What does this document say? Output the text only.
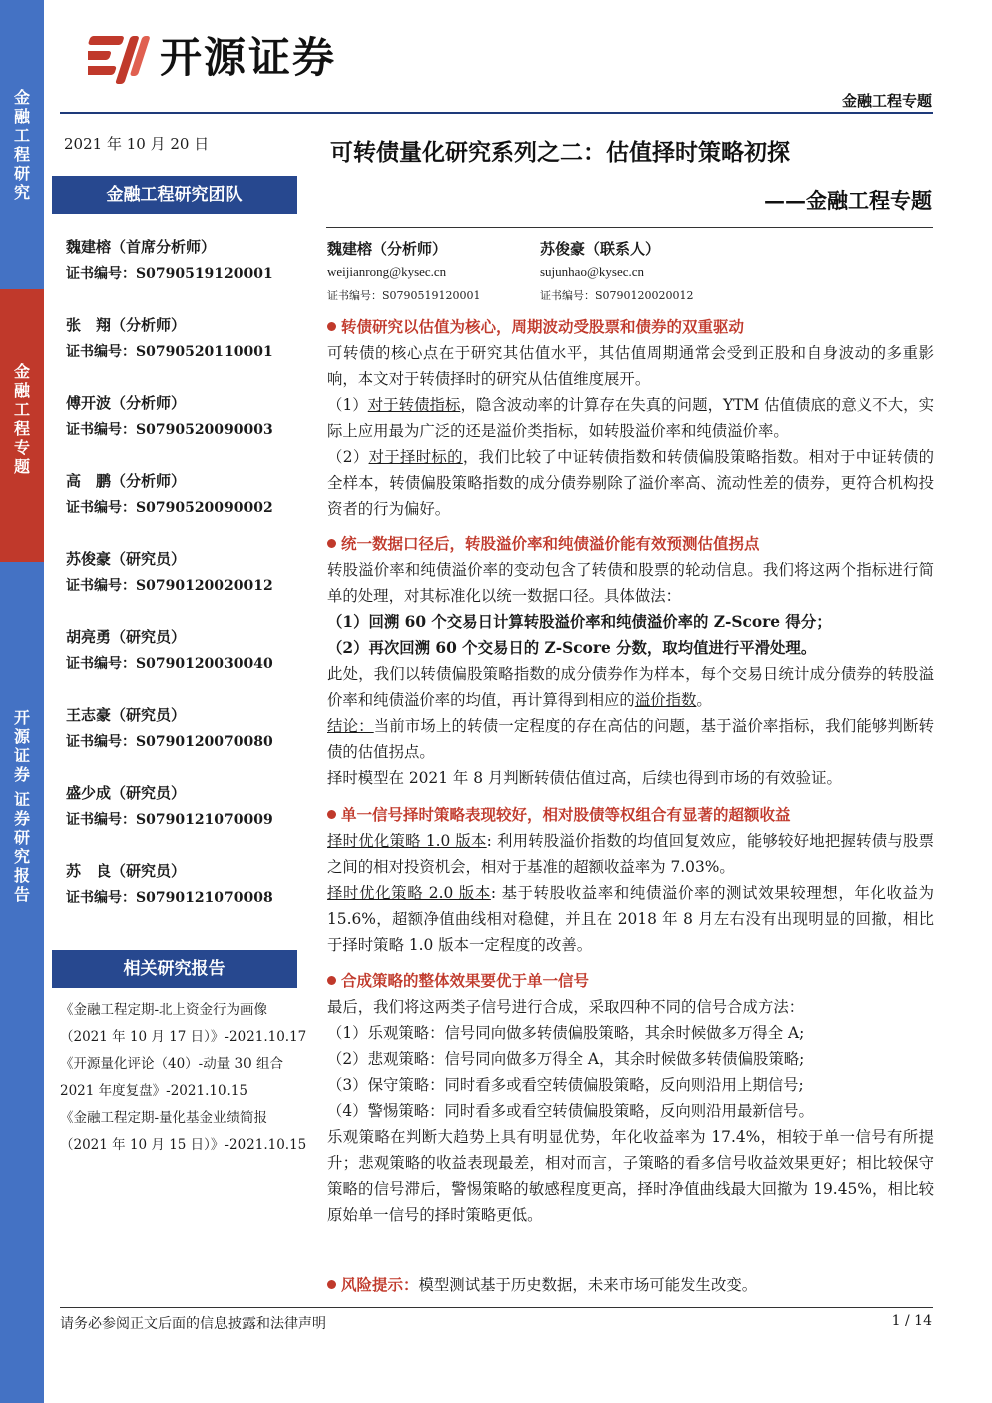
金
融
工
程
研
究
金
融
工
程
专
题
开
源
证
券
证
券
研
究
报
告
开源证券
金融工程专题
2021 年 10 月 20 日	可转债量化研究系列之二：估值择时策略初探
——金融工程专题
金融工程研究团队
魏建榕（首席分析师）
证书编号：S0790519120001
张　翔（分析师）
证书编号：S0790520110001
傅开波（分析师）
证书编号：S0790520090003
高　鹏（分析师）
证书编号：S0790520090002
苏俊豪（研究员）
证书编号：S0790120020012
胡亮勇（研究员）
证书编号：S0790120030040
王志豪（研究员）
证书编号：S0790120070080
盛少成（研究员）
证书编号：S0790121070009
苏　良（研究员）
证书编号：S0790121070008
相关研究报告
《金融工程定期-北上资金行为画像
（2021 年 10 月 17 日）》-2021.10.17
《开源量化评论（40）-动量 30 组合
2021 年度复盘》-2021.10.15
《金融工程定期-量化基金业绩简报
（2021 年 10 月 15 日）》-2021.10.15
魏建榕（分析师）
weijianrong@kysec.cn
证书编号：S0790519120001
苏俊豪（联系人）
sujunhao@kysec.cn
证书编号：S0790120020012
转债研究以估值为核心，周期波动受股票和债券的双重驱动

可转债的核心点在于研究其估值水平，其估值周期通常会受到正股和自身波动的多重影响，本文对于转债择时的研究从估值维度展开。

（1）对于转债指标，隐含波动率的计算存在失真的问题，YTM 估值债底的意义不大，实际上应用最为广泛的还是溢价类指标，如转股溢价率和纯债溢价率。

（2）对于择时标的，我们比较了中证转债指数和转债偏股策略指数。相对于中证转债的全样本，转债偏股策略指数的成分债券剔除了溢价率高、流动性差的债券，更符合机构投资者的行为偏好。

统一数据口径后，转股溢价率和纯债溢价能有效预测估值拐点

转股溢价率和纯债溢价率的变动包含了转债和股票的轮动信息。我们将这两个指标进行简单的处理，对其标准化以统一数据口径。具体做法：

（1）回溯 60 个交易日计算转股溢价率和纯债溢价率的 Z-Score 得分；

（2）再次回溯 60 个交易日的 Z-Score 分数，取均值进行平滑处理。

此处，我们以转债偏股策略指数的成分债券作为样本，每个交易日统计成分债券的转股溢价率和纯债溢价率的均值，再计算得到相应的溢价指数。

结论：当前市场上的转债一定程度的存在高估的问题，基于溢价率指标，我们能够判断转债的估值拐点。

择时模型在 2021 年 8 月判断转债估值过高，后续也得到市场的有效验证。

单一信号择时策略表现较好，相对股债等权组合有显著的超额收益

择时优化策略 1.0 版本: 利用转股溢价指数的均值回复效应，能够较好地把握转债与股票之间的相对投资机会，相对于基准的超额收益率为 7.03%。

择时优化策略 2.0 版本: 基于转股收益率和纯债溢价率的测试效果较理想，年化收益为 15.6%，超额净值曲线相对稳健，并且在 2018 年 8 月左右没有出现明显的回撤，相比于择时策略 1.0 版本一定程度的改善。

合成策略的整体效果要优于单一信号

最后，我们将这两类子信号进行合成，采取四种不同的信号合成方法：

（1）乐观策略：信号同向做多转债偏股策略，其余时候做多万得全 A;

（2）悲观策略：信号同向做多万得全 A，其余时候做多转债偏股策略;

（3）保守策略：同时看多或看空转债偏股策略，反向则沿用上期信号;

（4）警惕策略：同时看多或看空转债偏股策略，反向则沿用最新信号。

乐观策略在判断大趋势上具有明显优势，年化收益率为 17.4%，相较于单一信号有所提升；悲观策略的收益表现最差，相对而言，子策略的看多信号收益效果更好；相比较保守策略的信号滞后，警惕策略的敏感程度更高，择时净值曲线最大回撤为 19.45%，相比较原始单一信号的择时策略更低。

风险提示：模型测试基于历史数据，未来市场可能发生改变。
请务必参阅正文后面的信息披露和法律声明	1 / 14
